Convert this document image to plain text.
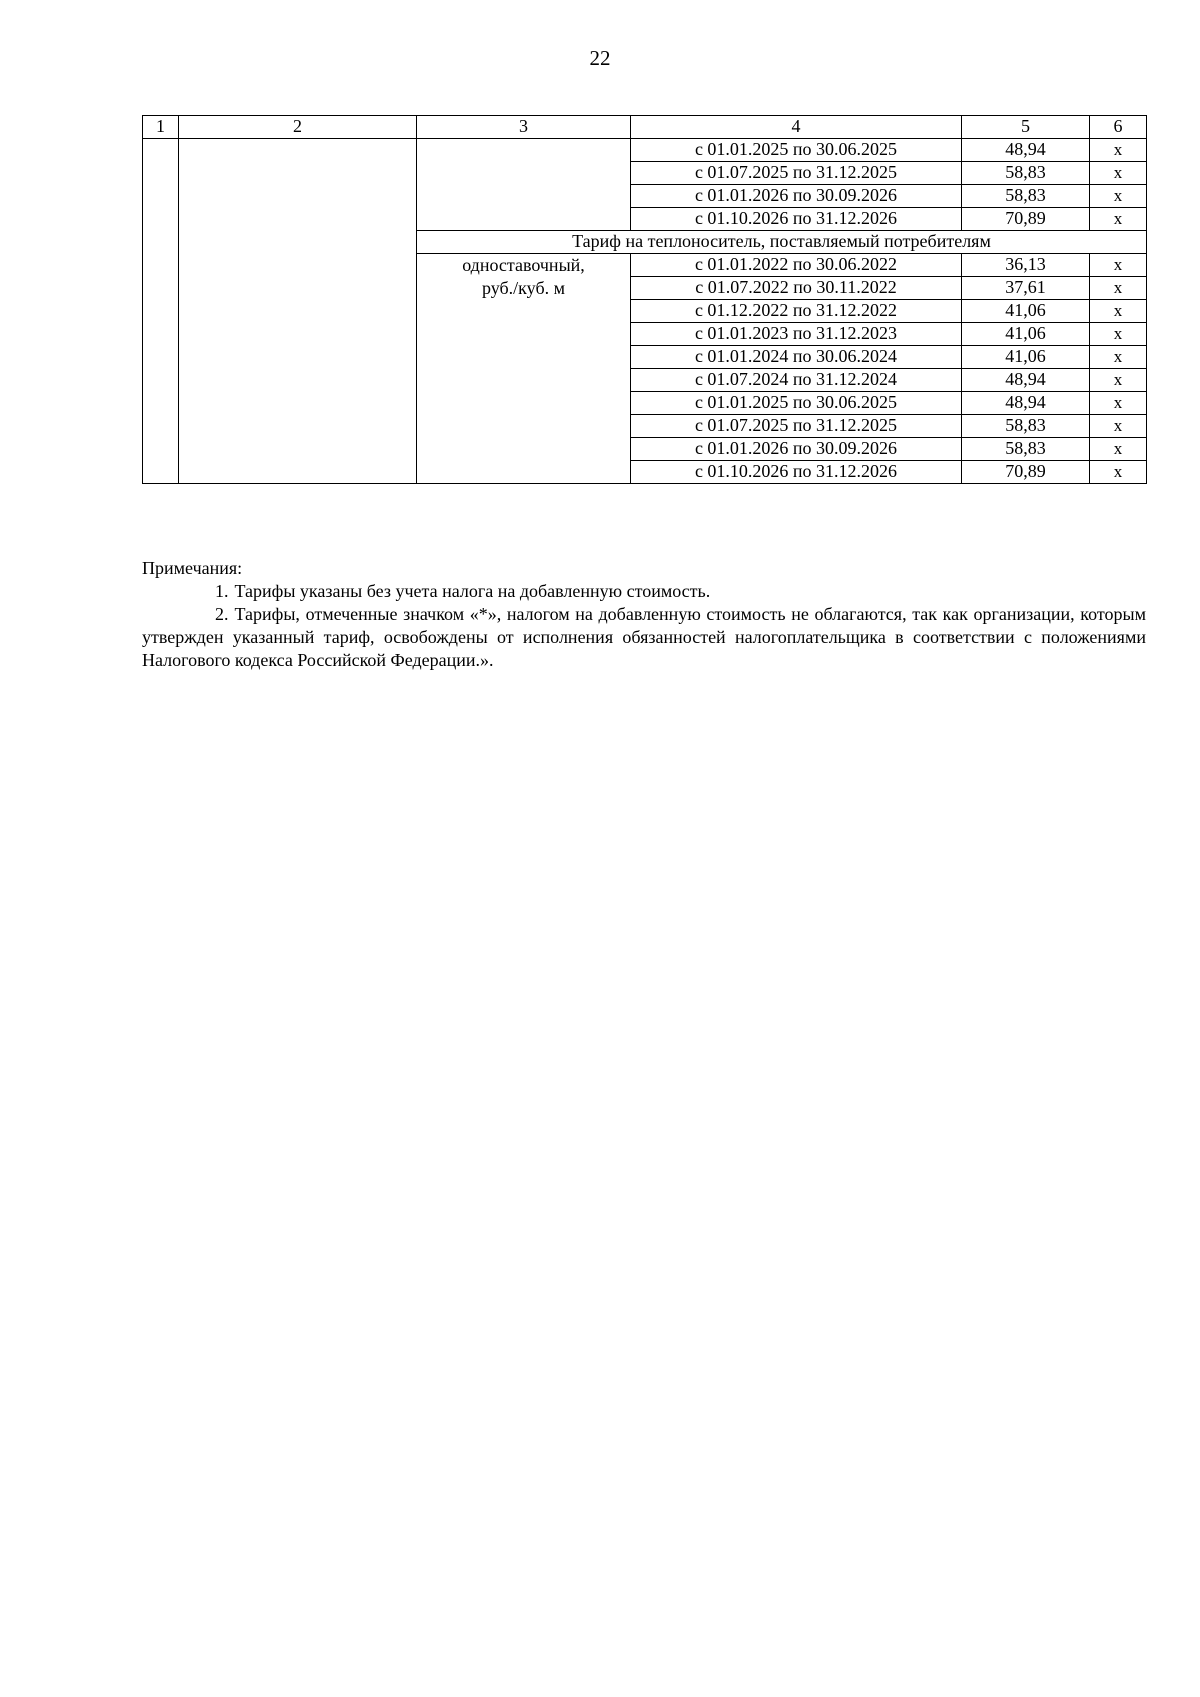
22
1	2	3	4	5	6
			с 01.01.2025 по 30.06.2025	48,94	x
			с 01.07.2025 по 31.12.2025	58,83	x
			с 01.01.2026 по 30.09.2026	58,83	x
			с 01.10.2026 по 31.12.2026	70,89	x
		Тариф на теплоноситель, поставляемый потребителям			
		одноставочный, руб./куб. м	с 01.01.2022 по 30.06.2022	36,13	x
			с 01.07.2022 по 30.11.2022	37,61	x
			с 01.12.2022 по 31.12.2022	41,06	x
			с 01.01.2023 по 31.12.2023	41,06	x
			с 01.01.2024 по 30.06.2024	41,06	x
			с 01.07.2024 по 31.12.2024	48,94	x
			с 01.01.2025 по 30.06.2025	48,94	x
			с 01.07.2025 по 31.12.2025	58,83	x
			с 01.01.2026 по 30.09.2026	58,83	x
			с 01.10.2026 по 31.12.2026	70,89	x

Примечания:

1. Тарифы указаны без учета налога на добавленную стоимость.

2. Тарифы, отмеченные значком «*», налогом на добавленную стоимость не облагаются, так как организации, которым утвержден указанный тариф, освобождены от исполнения обязанностей налогоплательщика в соответствии с положениями Налогового кодекса Российской Федерации.».
